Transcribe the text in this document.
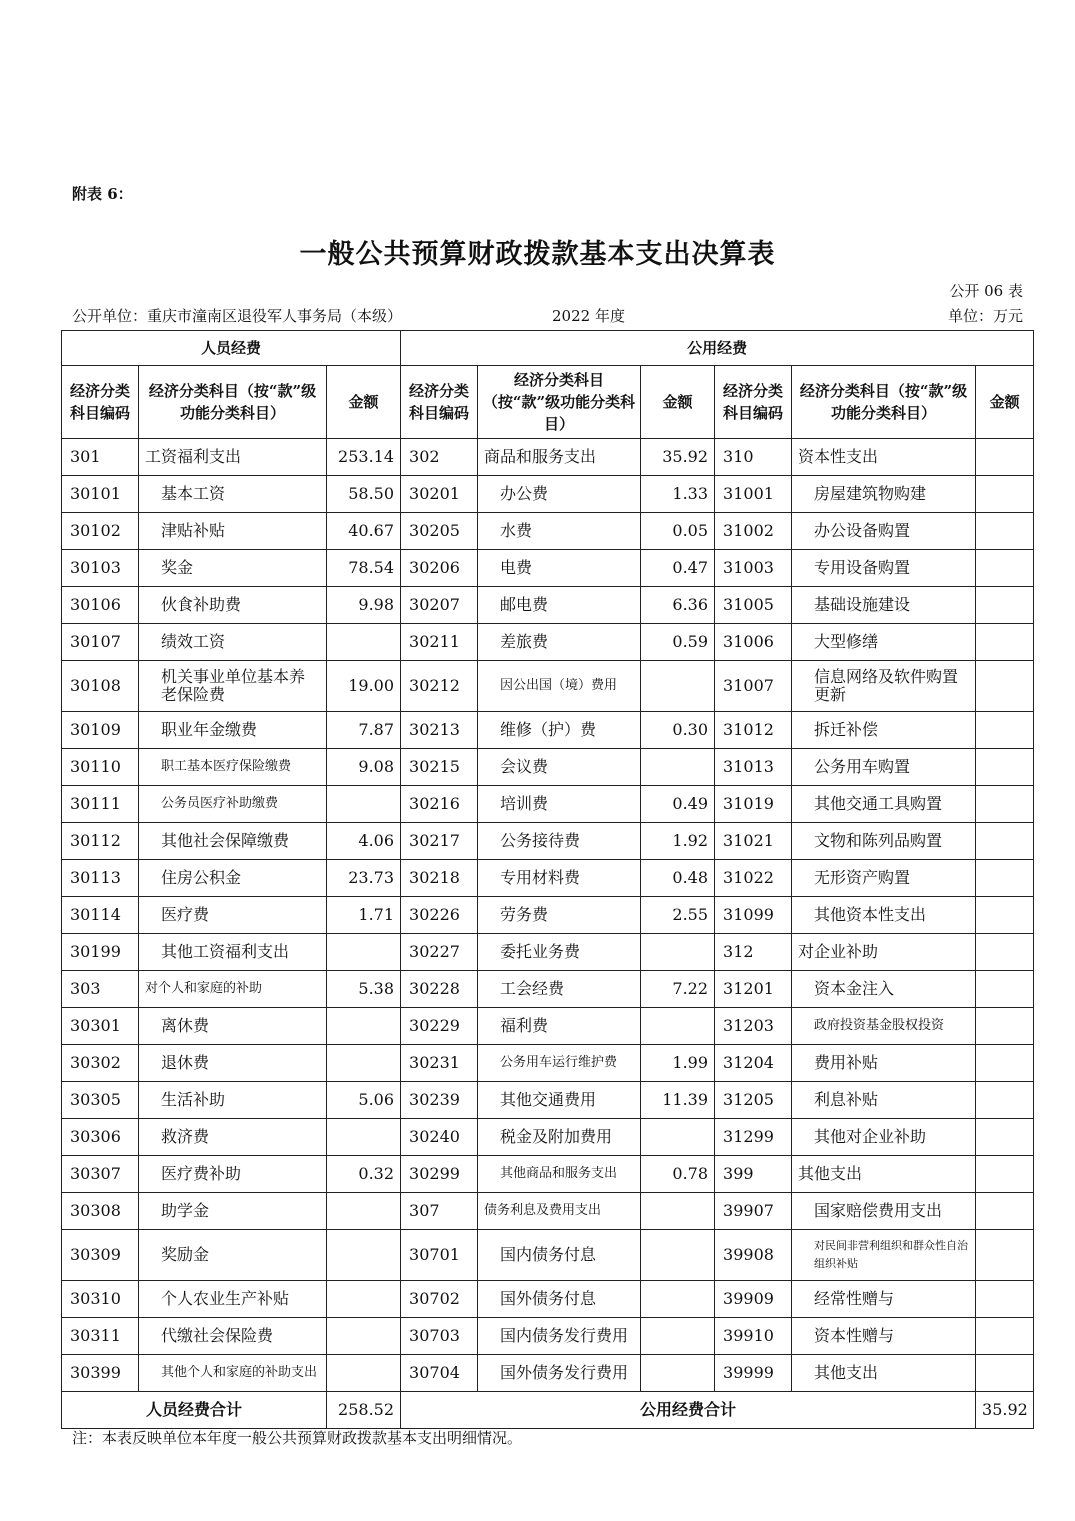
附表 6：
一般公共预算财政拨款基本支出决算表
公开 06 表
公开单位：重庆市潼南区退役军人事务局（本级）	2022 年度	单位：万元
人员经费			公用经费					
经济分类科目编码	经济分类科目（按“款”级功能分类科目）	金额	经济分类科目编码	经济分类科目（按“款”级功能分类科目）	金额	经济分类科目编码	经济分类科目（按“款”级功能分类科目）	金额
301	工资福利支出	253.14	302	商品和服务支出	35.92	310	资本性支出	
30101	基本工资	58.50	30201	办公费	1.33	31001	房屋建筑物购建	
30102	津贴补贴	40.67	30205	水费	0.05	31002	办公设备购置	
30103	奖金	78.54	30206	电费	0.47	31003	专用设备购置	
30106	伙食补助费	9.98	30207	邮电费	6.36	31005	基础设施建设	
30107	绩效工资		30211	差旅费	0.59	31006	大型修缮	
30108	机关事业单位基本养老保险费	19.00	30212	因公出国（境）费用		31007	信息网络及软件购置更新	
30109	职业年金缴费	7.87	30213	维修（护）费	0.30	31012	拆迁补偿	
30110	职工基本医疗保险缴费	9.08	30215	会议费		31013	公务用车购置	
30111	公务员医疗补助缴费		30216	培训费	0.49	31019	其他交通工具购置	
30112	其他社会保障缴费	4.06	30217	公务接待费	1.92	31021	文物和陈列品购置	
30113	住房公积金	23.73	30218	专用材料费	0.48	31022	无形资产购置	
30114	医疗费	1.71	30226	劳务费	2.55	31099	其他资本性支出	
30199	其他工资福利支出		30227	委托业务费		312	对企业补助	
303	对个人和家庭的补助	5.38	30228	工会经费	7.22	31201	资本金注入	
30301	离休费		30229	福利费		31203	政府投资基金股权投资	
30302	退休费		30231	公务用车运行维护费	1.99	31204	费用补贴	
30305	生活补助	5.06	30239	其他交通费用	11.39	31205	利息补贴	
30306	救济费		30240	税金及附加费用		31299	其他对企业补助	
30307	医疗费补助	0.32	30299	其他商品和服务支出	0.78	399	其他支出	
30308	助学金		307	债务利息及费用支出		39907	国家赔偿费用支出	
30309	奖励金		30701	国内债务付息		39908	对民间非营利组织和群众性自治组织补贴	
30310	个人农业生产补贴		30702	国外债务付息		39909	经常性赠与	
30311	代缴社会保险费		30703	国内债务发行费用		39910	资本性赠与	
30399	其他个人和家庭的补助支出		30704	国外债务发行费用		39999	其他支出	
人员经费合计		258.52	公用经费合计					35.92
注：本表反映单位本年度一般公共预算财政拨款基本支出明细情况。
